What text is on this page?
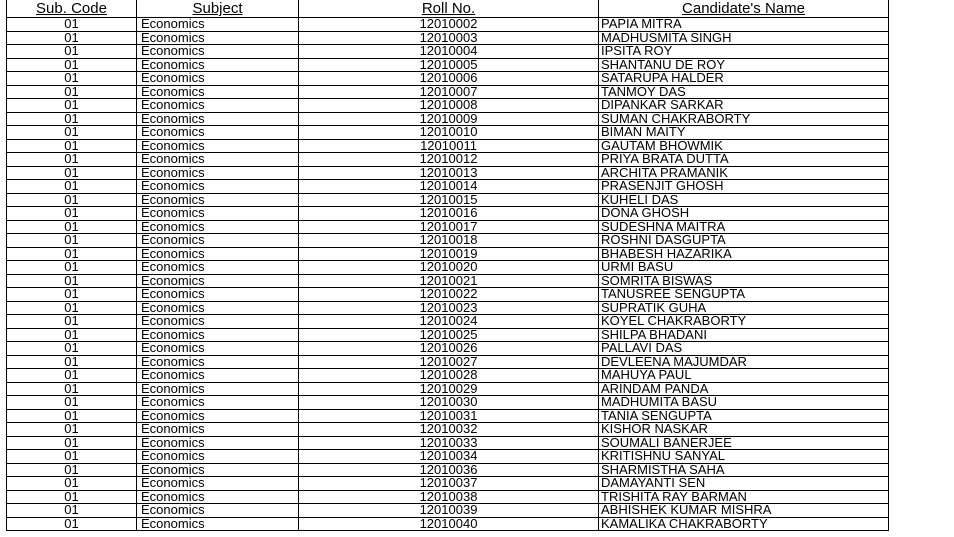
Sub. Code	Subject	Roll No.	Candidate's Name
01	Economics	12010002	PAPIA MITRA
01	Economics	12010003	MADHUSMITA SINGH
01	Economics	12010004	IPSITA ROY
01	Economics	12010005	SHANTANU DE ROY
01	Economics	12010006	SATARUPA HALDER
01	Economics	12010007	TANMOY DAS
01	Economics	12010008	DIPANKAR SARKAR
01	Economics	12010009	SUMAN CHAKRABORTY
01	Economics	12010010	BIMAN MAITY
01	Economics	12010011	GAUTAM BHOWMIK
01	Economics	12010012	PRIYA BRATA DUTTA
01	Economics	12010013	ARCHITA PRAMANIK
01	Economics	12010014	PRASENJIT GHOSH
01	Economics	12010015	KUHELI DAS
01	Economics	12010016	DONA GHOSH
01	Economics	12010017	SUDESHNA MAITRA
01	Economics	12010018	ROSHNI DASGUPTA
01	Economics	12010019	BHABESH HAZARIKA
01	Economics	12010020	URMI BASU
01	Economics	12010021	SOMRITA BISWAS
01	Economics	12010022	TANUSREE SENGUPTA
01	Economics	12010023	SUPRATIK GUHA
01	Economics	12010024	KOYEL CHAKRABORTY
01	Economics	12010025	SHILPA BHADANI
01	Economics	12010026	PALLAVI DAS
01	Economics	12010027	DEVLEENA MAJUMDAR
01	Economics	12010028	MAHUYA PAUL
01	Economics	12010029	ARINDAM PANDA
01	Economics	12010030	MADHUMITA BASU
01	Economics	12010031	TANIA SENGUPTA
01	Economics	12010032	KISHOR NASKAR
01	Economics	12010033	SOUMALI BANERJEE
01	Economics	12010034	KRITISHNU SANYAL
01	Economics	12010036	SHARMISTHA SAHA
01	Economics	12010037	DAMAYANTI SEN
01	Economics	12010038	TRISHITA RAY BARMAN
01	Economics	12010039	ABHISHEK KUMAR MISHRA
01	Economics	12010040	KAMALIKA CHAKRABORTY
